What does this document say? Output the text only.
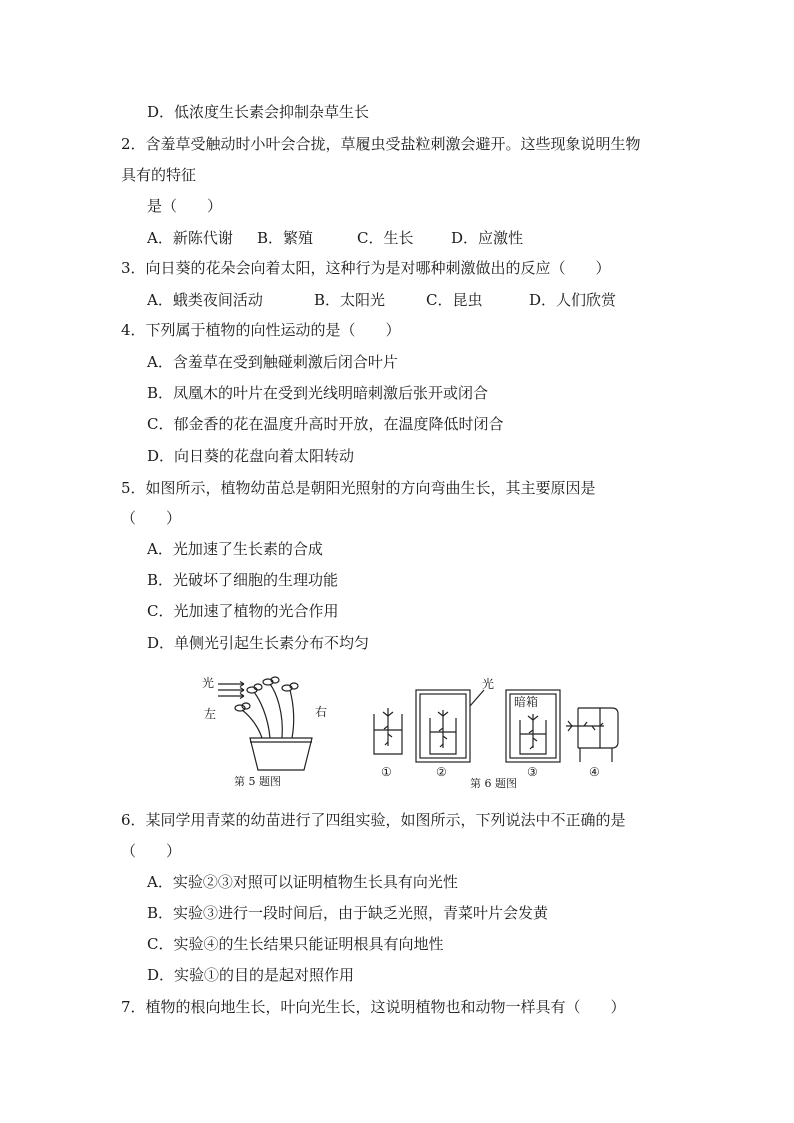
D．低浓度生长素会抑制杂草生长
2．含羞草受触动时小叶会合拢，草履虫受盐粒刺激会避开。这些现象说明生物
具有的特征
是（　　）
A．新陈代谢 B．繁殖	C．生长	D．应激性
3．向日葵的花朵会向着太阳，这种行为是对哪种刺激做出的反应（　　）
A．蛾类夜间活动	B．太阳光	C．昆虫	D．人们欣赏
4．下列属于植物的向性运动的是（　　）
A．含羞草在受到触碰刺激后闭合叶片
B．凤凰木的叶片在受到光线明暗刺激后张开或闭合
C．郁金香的花在温度升高时开放，在温度降低时闭合
D．向日葵的花盘向着太阳转动
5．如图所示，植物幼苗总是朝阳光照射的方向弯曲生长，其主要原因是
（　　）
A．光加速了生长素的合成
B．光破坏了细胞的生理功能
C．光加速了植物的光合作用
D．单侧光引起生长素分布不均匀
光
左	右
第 5 题图
①
光
②
暗箱
③	④
第 6 题图
6．某同学用青菜的幼苗进行了四组实验，如图所示，下列说法中不正确的是
（　　）
A．实验②③对照可以证明植物生长具有向光性
B．实验③进行一段时间后，由于缺乏光照，青菜叶片会发黄
C．实验④的生长结果只能证明根具有向地性
D．实验①的目的是起对照作用
7．植物的根向地生长，叶向光生长，这说明植物也和动物一样具有（　　）
